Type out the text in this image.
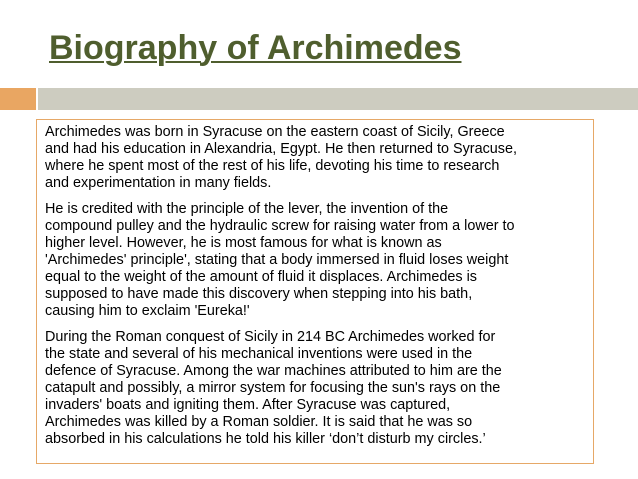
Biography of Archimedes

Archimedes was born in Syracuse on the eastern coast of Sicily, Greece
and had his education in Alexandria, Egypt. He then returned to Syracuse,
where he spent most of the rest of his life, devoting his time to research
and experimentation in many fields.

He is credited with the principle of the lever, the invention of the
compound pulley and the hydraulic screw for raising water from a lower to
higher level. However, he is most famous for what is known as
'Archimedes' principle', stating that a body immersed in fluid loses weight
equal to the weight of the amount of fluid it displaces. Archimedes is
supposed to have made this discovery when stepping into his bath,
causing him to exclaim 'Eureka!'

During the Roman conquest of Sicily in 214 BC Archimedes worked for
the state and several of his mechanical inventions were used in the
defence of Syracuse. Among the war machines attributed to him are the
catapult and possibly, a mirror system for focusing the sun's rays on the
invaders' boats and igniting them. After Syracuse was captured,
Archimedes was killed by a Roman soldier. It is said that he was so
absorbed in his calculations he told his killer ‘don’t disturb my circles.’
